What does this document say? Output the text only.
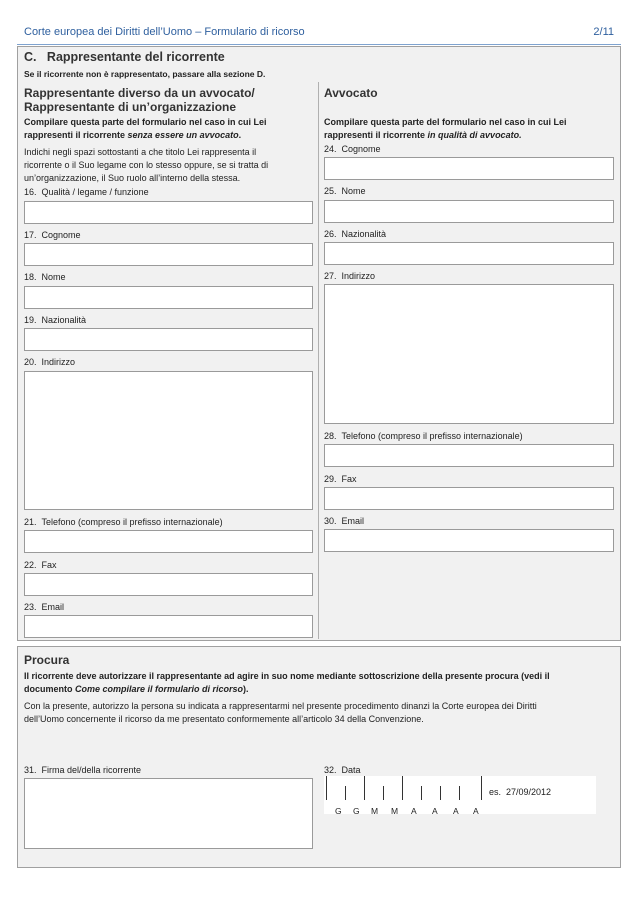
Corte europea dei Diritti dell’Uomo – Formulario di ricorso	2/11
C.   Rappresentante del ricorrente
Se il ricorrente non è rappresentato, passare alla sezione D.
Rappresentante diverso da un avvocato/
Rappresentante di un’organizzazione
Compilare questa parte del formulario nel caso in cui Lei
rappresenti il ricorrente senza essere un avvocato.
Indichi negli spazi sottostanti a che titolo Lei rappresenta il
ricorrente o il Suo legame con lo stesso oppure, se si tratta di
un’organizzazione, il Suo ruolo all’interno della stessa.
16.  Qualità / legame / funzione
17.  Cognome
18.  Nome
19.  Nazionalità
20.  Indirizzo
21.  Telefono (compreso il prefisso internazionale)
22.  Fax
23.  Email
Avvocato
Compilare questa parte del formulario nel caso in cui Lei
rappresenti il ricorrente in qualità di avvocato.
24.  Cognome
25.  Nome
26.  Nazionalità
27.  Indirizzo
28.  Telefono (compreso il prefisso internazionale)
29.  Fax
30.  Email
Procura
Il ricorrente deve autorizzare il rappresentante ad agire in suo nome mediante sottoscrizione della presente procura (vedi il
documento Come compilare il formulario di ricorso).
Con la presente, autorizzo la persona su indicata a rappresentarmi nel presente procedimento dinanzi la Corte europea dei Diritti
dell’Uomo concernente il ricorso da me presentato conformemente all’articolo 34 della Convenzione.
31.  Firma del/della ricorrente	32.  Data
es.  27/09/2012
G G M M A A A A
